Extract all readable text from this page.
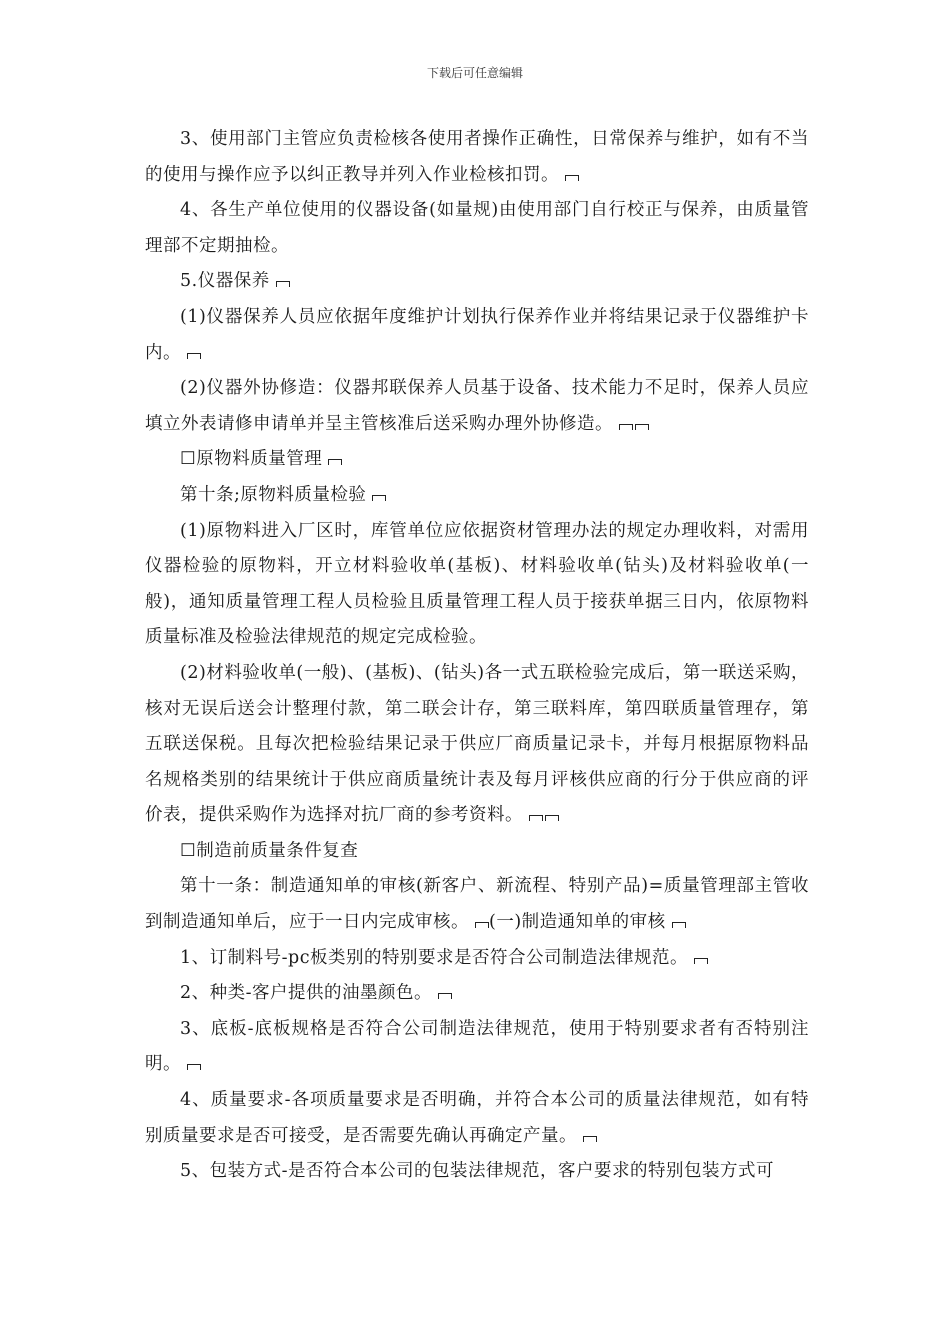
下载后可任意编辑

3、使用部门主管应负责检核各使用者操作正确性，日常保养与维护，如有不当的使用与操作应予以纠正教导并列入作业检核扣罚。

4、各生产单位使用的仪器设备(如量规)由使用部门自行校正与保养，由质量管理部不定期抽检。

5.仪器保养

(1)仪器保养人员应依据年度维护计划执行保养作业并将结果记录于仪器维护卡内。

(2)仪器外协修造：仪器邦联保养人员基于设备、技术能力不足时，保养人员应填立外表请修申请单并呈主管核准后送采购办理外协修造。

☐原物料质量管理

第十条;原物料质量检验

(1)原物料进入厂区时，库管单位应依据资材管理办法的规定办理收料，对需用仪器检验的原物料，开立材料验收单(基板)、材料验收单(钻头)及材料验收单(一般)，通知质量管理工程人员检验且质量管理工程人员于接获单据三日内，依原物料质量标准及检验法律规范的规定完成检验。

(2)材料验收单(一般)、(基板)、(钻头)各一式五联检验完成后，第一联送采购，核对无误后送会计整理付款，第二联会计存，第三联料库，第四联质量管理存，第五联送保税。且每次把检验结果记录于供应厂商质量记录卡，并每月根据原物料品名规格类别的结果统计于供应商质量统计表及每月评核供应商的行分于供应商的评价表，提供采购作为选择对抗厂商的参考资料。

☐制造前质量条件复查

第十一条：制造通知单的审核(新客户、新流程、特别产品)=质量管理部主管收到制造通知单后，应于一日内完成审核。 (一)制造通知单的审核

1、订制料号-pc板类别的特别要求是否符合公司制造法律规范。

2、种类-客户提供的油墨颜色。

3、底板-底板规格是否符合公司制造法律规范，使用于特别要求者有否特别注明。

4、质量要求-各项质量要求是否明确，并符合本公司的质量法律规范，如有特别质量要求是否可接受，是否需要先确认再确定产量。

5、包装方式-是否符合本公司的包装法律规范，客户要求的特别包装方式可
